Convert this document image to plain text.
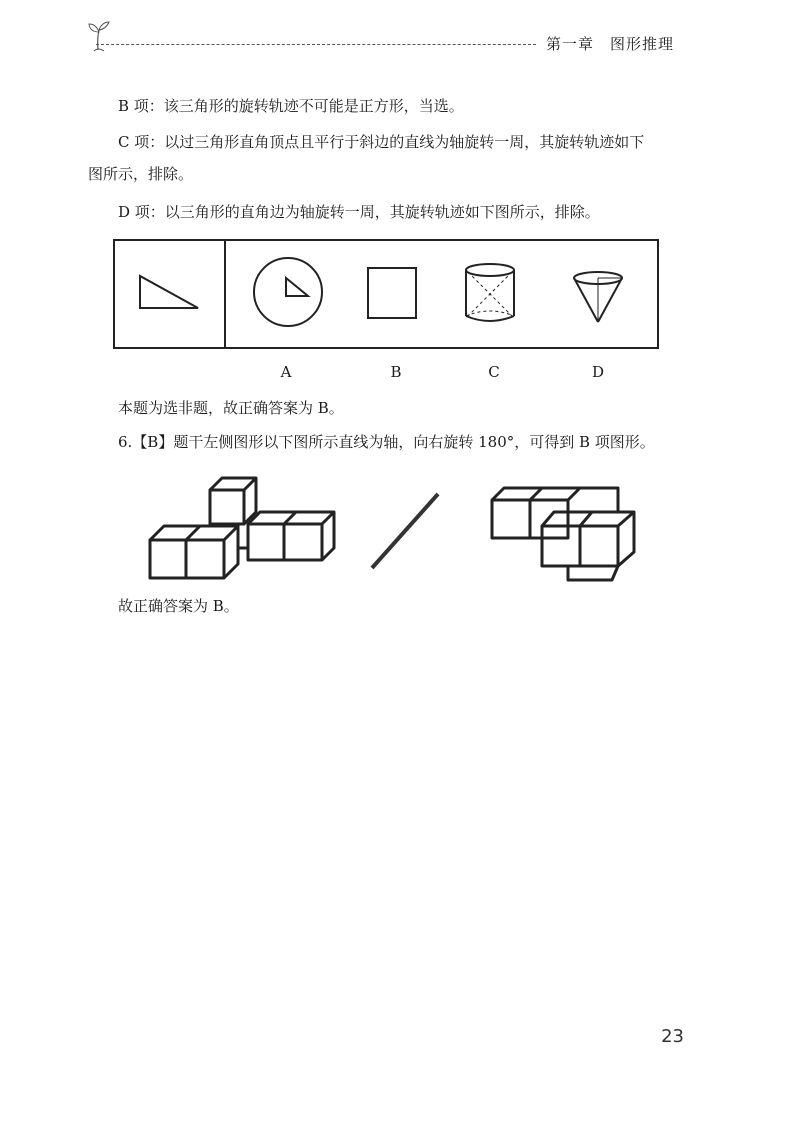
第一章　 图形推理

B 项：该三角形的旋转轨迹不可能是正方形，当选。

C 项：以过三角形直角顶点且平行于斜边的直线为轴旋转一周，其旋转轨迹如下

图所示，排除。

D 项：以三角形的直角边为轴旋转一周，其旋转轨迹如下图所示，排除。

A	B	C	D

本题为选非题，故正确答案为 B。

6.【B】题干左侧图形以下图所示直线为轴，向右旋转 180°，可得到 B 项图形。

故正确答案为 B。

23
